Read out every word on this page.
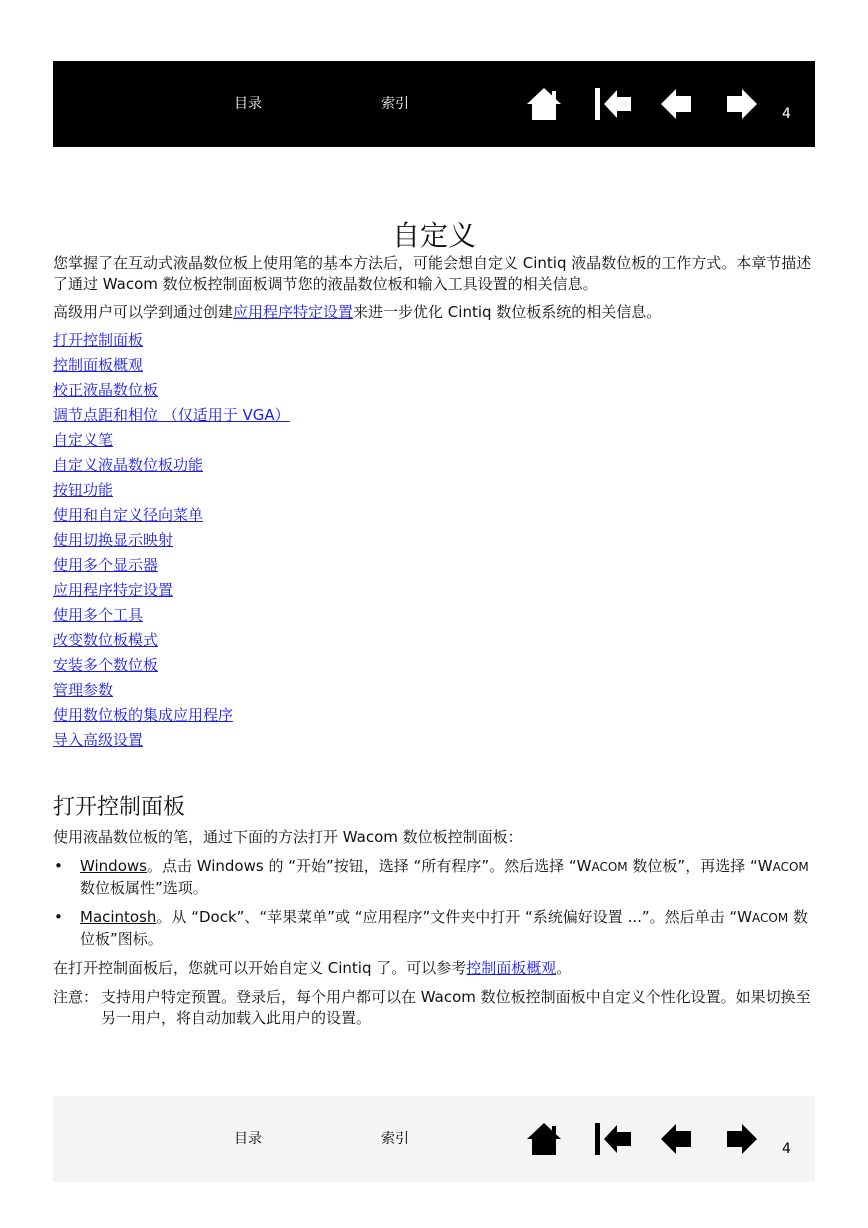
目录	索引
4
自定义

您掌握了在互动式液晶数位板上使用笔的基本方法后，可能会想自定义 Cintiq 液晶数位板的工作方式。本章节描述了通过 Wacom 数位板控制面板调节您的液晶数位板和输入工具设置的相关信息。

高级用户可以学到通过创建应用程序特定设置来进一步优化 Cintiq 数位板系统的相关信息。

打开控制面板
控制面板概观
校正液晶数位板
调节点距和相位 （仅适用于 VGA）
自定义笔
自定义液晶数位板功能
按钮功能
使用和自定义径向菜单
使用切换显示映射
使用多个显示器
应用程序特定设置
使用多个工具
改变数位板模式
安装多个数位板
管理参数
使用数位板的集成应用程序
导入高级设置
打开控制面板

使用液晶数位板的笔，通过下面的方法打开 Wacom 数位板控制面板：

• Windows。点击 Windows 的 “开始”按钮，选择 “所有程序”。然后选择 “WACOM 数位板”，再选择 “WACOM 数位板属性”选项。
• Macintosh。从 “Dock”、“苹果菜单”或 “应用程序”文件夹中打开 “系统偏好设置 ...”。然后单击 “WACOM 数位板”图标。

在打开控制面板后，您就可以开始自定义 Cintiq 了。可以参考控制面板概观。

注意： 支持用户特定预置。登录后，每个用户都可以在 Wacom 数位板控制面板中自定义个性化设置。如果切换至另一用户，将自动加载入此用户的设置。
目录	索引
4
